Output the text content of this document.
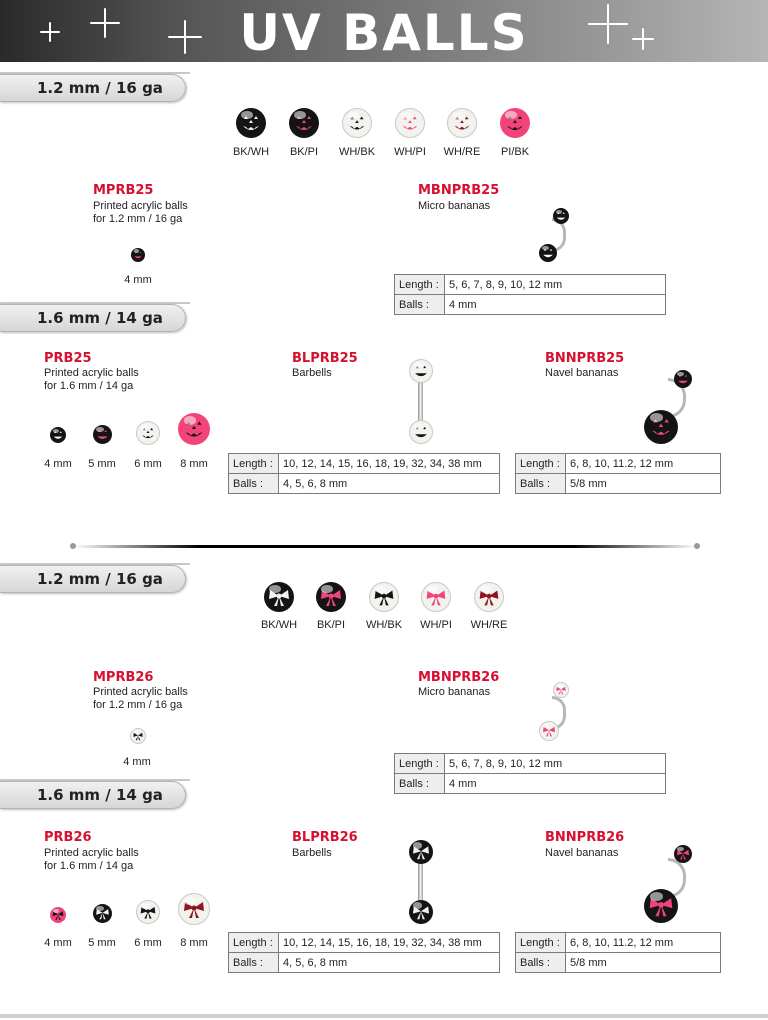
UV BALLS
1.2 mm / 16 ga
BK/WH	BK/PI	WH/BK	WH/PI	WH/RE	PI/BK
MPRB25
Printed acrylic balls
for 1.2 mm / 16 ga
4 mm
MBNPRB25
Micro bananas
Length :	5, 6, 7, 8, 9, 10, 12 mm
Balls :	4 mm
1.6 mm / 14 ga
PRB25
Printed acrylic balls
for 1.6 mm / 14 ga
4 mm	5 mm	6 mm	8 mm
BLPRB25
Barbells
Length :	10, 12, 14, 15, 16, 18, 19, 32, 34, 38 mm
Balls :	4, 5, 6, 8 mm
BNNPRB25
Navel bananas
Length :	6, 8, 10, 11.2, 12 mm
Balls :	5/8 mm
1.2 mm / 16 ga
BK/WH	BK/PI	WH/BK	WH/PI	WH/RE
MPRB26
Printed acrylic balls
for 1.2 mm / 16 ga
4 mm
MBNPRB26
Micro bananas
Length :	5, 6, 7, 8, 9, 10, 12 mm
Balls :	4 mm
1.6 mm / 14 ga
PRB26
Printed acrylic balls
for 1.6 mm / 14 ga
4 mm	5 mm	6 mm	8 mm
BLPRB26
Barbells
Length :	10, 12, 14, 15, 16, 18, 19, 32, 34, 38 mm
Balls :	4, 5, 6, 8 mm
BNNPRB26
Navel bananas
Length :	6, 8, 10, 11.2, 12 mm
Balls :	5/8 mm
